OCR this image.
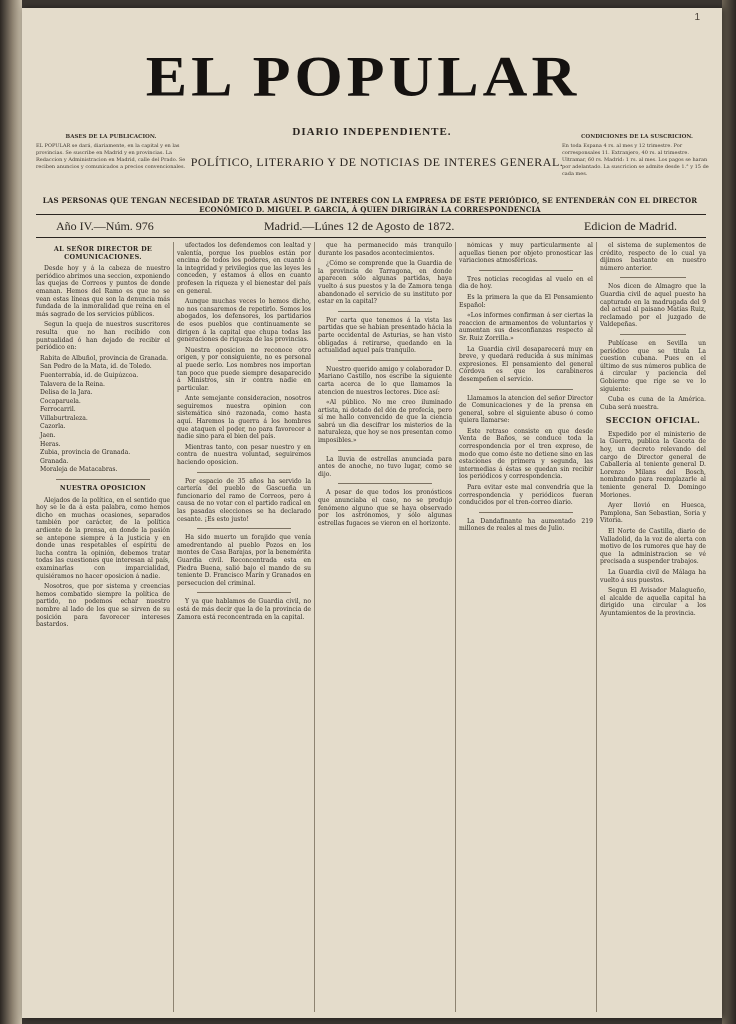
1
BASES DE LA PUBLICACION.
EL POPULAR se dará, diariamente, en la capital y en las provincias. Se suscribe en Madrid y en provincias. La Redaccion y Administracion en Madrid, calle del Prado. Se reciben anuncios y comunicados a precios convencionales.
EL POPULAR
DIARIO INDEPENDIENTE.
POLÍTICO, LITERARIO Y DE NOTICIAS DE INTERES GENERAL.
CONDICIONES DE LA SUSCRICION.
En toda Espana 4 rs. al mes y 12 trimestre. Por corresponsales 11. Extranjero, 40 rs. al trimestre. Ultramar, 60 rs. Madrid: 1 rs. al mes. Los pagos se haran por adelantado. La suscricion se admite desde 1.° y 15 de cada mes.
LAS PERSONAS QUE TENGAN NECESIDAD DE TRATAR ASUNTOS DE INTERES CON LA EMPRESA DE ESTE PERIÓDICO, SE ENTENDERÁN CON EL DIRECTOR ECONÓMICO D. MIGUEL P. GARCIA, Á QUIEN DIRIGIRÁN LA CORRESPONDENCIA
Año IV.—Núm. 976	Madrid.—Lúnes 12 de Agosto de 1872.	Edicion de Madrid.
AL SEÑOR DIRECTOR DE COMUNICACIONES.

Desde hoy y á la cabeza de nuestro periódico abrimos una seccion, exponiendo las quejas de Correos y puntos de donde emanan. Hemos del Ramo es que no se vean estas líneas que son la denuncia más fundada de la inmoralidad que reina en el más sagrado de los servicios públicos.

Segun la queja de nuestros suscritores resulta que no han recibido con puntualidad ó han dejado de recibir el periódico en:

Rabita de Albuñol, provincia de Granada.

San Pedro de la Mata, id. de Toledo.

Fuenterrabía, id. de Guipúzcoa.

Talavera de la Reina.

Delisa de la Jara.

Cocaparuela.

Ferrocarril.

Villaburtraleza.

Cazorla.

Jaen.

Heras.

Zubia, provincia de Granada.

Granada.

Moraleja de Matacabras.

NUESTRA OPOSICION

Alejados de la política, en el sentido que hoy se le da á esta palabra, como hemos dicho en muchas ocasiones, separados también por carácter, de la política ardiente de la prensa, en donde la pasión se antepone siempre á la justicia y en donde unas respetables el espíritu de lucha contra la opinión, debemos tratar todas las cuestiones que interesan al país, examinarlas con imparcialidad, quisiéramos no hacer oposicion á nadie.

Nosotros, que por sistema y creencias hemos combatido siempre la política de partido, no podemos echar nuestro nombre al lado de los que se sirven de su posición para favorecer intereses bastardos.

ufectados los defendemos con lealtad y valentía, porque los pueblos están por encima de todos los poderes, en cuanto á la integridad y privilegios que las leyes les conceden, y estamos á ellos en cuanto profesen la riqueza y el bienestar del país en general.

Aunque muchas veces lo hemos dicho, no nos cansaremos de repetirlo. Somos los abogados, los defensores, los partidarios de esos pueblos que continuamente se dirigen á la capital que chupa todas las generaciones de riqueza de las provincias.

Nuestra oposicion no reconoce otro origen, y por consiguiente, no es personal al puede serlo. Los nombres nos importan tan poco que puede siempre desaparecido á Ministros, sin ir contra nadie en particular.

Ante semejante consideracion, nosotros seguiremos nuestra opinion con sistemática sinó razonada, como hasta aquí. Haremos la guerra á los hombres que ataquen el poder, no para favorecer a nadie sino para el bien del país.

Mientras tanto, con pesar nuestro y en contra de nuestra voluntad, seguiremos haciendo oposicion.

Por espacio de 35 años ha servido la cartería del pueblo de Gascueña un funcionario del ramo de Correos, pero á causa de no votar con el partido radical en las pasadas elecciones se ha declarado cesante. ¡Es esto justo!

Ha sido muerto un forajido que venía amedrentando al pueblo Pozos en los montes de Casa Barajas, por la benemérita Guardia civil. Reconcentrada esta en Piedra Buena, salió bajo el mando de su teniente D. Francisco Marín y Granados en persecucion del criminal.

Y ya que hablamos de Guardia civil, no está de más decir que la de la provincia de Zamora está reconcentrada en la capital.

que ha permanecido más tranquilo durante los pasados acontecimientos.

¿Cómo se comprende que la Guardia de la provincia de Tarragona, en donde aparecen sólo algunas partidas, haya vuelto á sus puestos y la de Zamora tenga abandonado el servicio de su instituto por estar en la capital?

Por carta que tenemos á la vista las partidas que se habian presentado hácia la parte occidental de Asturias, se han visto obligadas á retirarse, quedando en la actualidad aquel país tranquilo.

Nuestro querido amigo y colaborador D. Mariano Castillo, nos escribe la siguiente carta acerca de lo que llamamos la atencion de nuestros lectores. Dice así:

«Al público. No me creo iluminado artista, ni dotado del dón de profecía, pero sí me hallo convencido de que la ciencia sabrá un dia descifrar los misterios de la naturaleza, que hoy se nos presentan como imposibles.»

La lluvia de estrellas anunciada para antes de anoche, no tuvo lugar, como se dijo.

A pesar de que todos los pronósticos que anunciaba el caso, no se produjo fenómeno alguno que se haya observado por los astrónomos, y sólo algunas estrellas fugaces se vieron en el horizonte.

nómicas y muy particularmente al aquellas tienen por objeto pronosticar las variaciones atmosféricas.

Tres noticias recogidas al vuelo en el dia de hoy.

Es la primera la que da El Pensamiento Español:

«Los informes confirman á ser ciertas la reaccion de armamentos de voluntarios y aumentan sus desconfianzas respecto al Sr. Ruiz Zorrilla.»

La Guardia civil desaparecerá muy en breve, y quedará reducida á sus mínimas expresiones. El pensamiento del general Córdova es que los carabineros desempeñen el servicio.

Llamamos la atencion del señor Director de Comunicaciones y de la prensa en general, sobre el siguiente abuso ó como quiera llamarse:

Este retraso consiste en que desde Venta de Baños, se conduce toda la correspondencia por el tren expreso, de modo que como éste no detiene sino en las estaciones de primera y segunda, las intermedias á éstas se quedan sin recibir los periódicos y correspondencia.

Para evitar este mal convendría que la correspondencia y periódicos fueran conducidos por el tren-correo diario.

La Dandafinante ha aumentado 219 millones de reales al mes de Julio.

el sistema de suplementos de crédito, respecto de lo cual ya dijimos bastante en nuestro número anterior.

Nos dicen de Almagro que la Guardia civil de aquel puesto ha capturado en la madrugada del 9 del actual al paisano Matías Ruiz, reclamado por el juzgado de Valdepeñas.

Publícase en Sevilla un periódico que se titula La cuestion cubana. Pues en el último de sus números publica de á circular y paciencia del Gobierno que rige se ve lo siguiente:

Cuba es cuna de la América. Cuba será nuestra.

SECCION OFICIAL.

Expedido por el ministerio de la Guerra, publica la Gaceta de hoy, un decreto relevando del cargo de Director general de Caballería al teniente general D. Lorenzo Milans del Bosch, nombrando para reemplazarle al teniente general D. Domingo Moriones.

Ayer llovió en Huesca, Pamplona, San Sebastian, Soria y Vitoria.

El Norte de Castilla, diario de Valladolid, da la voz de alerta con motivo de los rumores que hay de que la administracion se vé precisada a suspender trabajos.

La Guardia civil de Málaga ha vuelto á sus puestos.

Segun El Avisador Malagueño, el alcalde de aquella capital ha dirigido una circular a los Ayuntamientos de la provincia.
